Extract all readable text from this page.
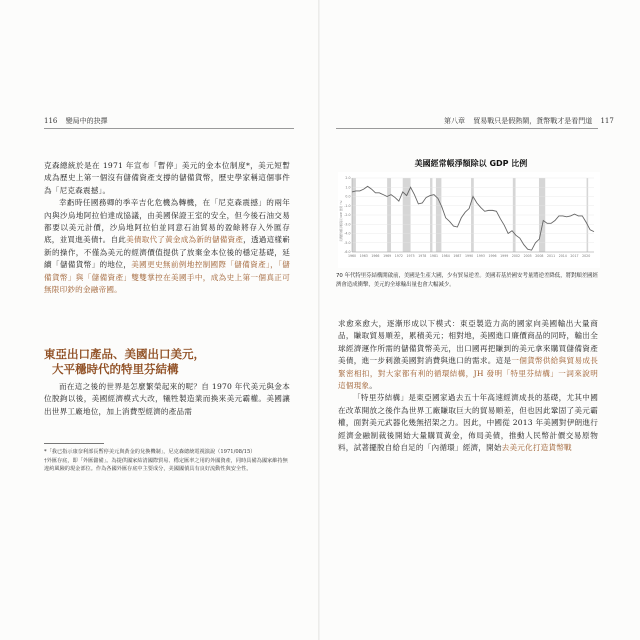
116 變局中的抉擇

克森總統於是在 1971 年宣布「暫停」美元的金本位制度*，美元短暫成為歷史上第一個沒有儲備資產支撐的儲備貨幣，歷史學家稱這個事件為「尼克森震撼」。

幸虧時任國務卿的季辛吉化危機為轉機，在「尼克森震撼」的兩年內與沙烏地阿拉伯達成協議，由美國保證王室的安全，但今後石油交易都要以美元計價，沙烏地阿拉伯並同意石油貿易的盈餘將存入外匯存底，並買進美債†。自此美債取代了黃金成為新的儲備資產，透過這樣嶄新的操作，不僅為美元的經濟價值提供了放棄金本位後的穩定基礎，延續「儲備貨幣」的地位，美國更史無前例地控制國際「儲備資產」，「儲備貨幣」與「儲備資產」雙雙掌控在美國手中，成為史上第一個真正可無限印鈔的金融帝國。

東亞出口產品、美國出口美元，
大平穩時代的特里芬結構

而在這之後的世界是怎麼繁榮起來的呢？自 1970 年代美元與金本位脫鉤以後，美國經濟模式大改，犧牲製造業而換來美元霸權。美國讓出世界工廠地位，加上消費型經濟的產品需

*「我已指示康奈利部長暫停美元與黃金的兌換機制」，尼克森總統電視演說（1971/08/15）
†外匯存底，即「外匯儲備」。為提供國家結清國際貿易、穩定匯率之用的外國資產，同時具備為國家維持無違約風險的現金部位。作為各國外匯存底中主要成分，美國國債具有良好流動性與安全性。
第八章 貿易戰只是假熱鬧，貨幣戰才是看門道 117
美國經常帳淨額除以 GDP 比例
美國經常帳淨額除以 GDP 比例（%）
2.0
1.0
0.0
-1.0
-2.0
-3.0
-4.0
-5.0
-6.0
1960 1963 1966 1969 1972 1975 1978 1981 1984 1987 1990 1993 1996 1999 2002 2005 2008 2011 2014 2017 2020
70 年代特里芬結構開啟前，美國是生產大國，少有貿易逆差。美國若基於國安考量將逆差降低，將對順差國經濟會造成衝擊，美元的全球輸出量也會大幅減少。

求愈來愈大，逐漸形成以下模式：東亞製造力高的國家向美國輸出大量商品，賺取貿易順差，累積美元；相對地，美國進口廉價商品的同時，輸出全球經濟運作所需的儲備貨幣美元，出口國再把賺到的美元拿來購買儲備資產美債，進一步刺激美國對消費與進口的需求。這是一個貨幣供給與貿易成長緊密相扣，對大家都有利的循環結構，JH 發明「特里芬結構」一詞來說明這個現象。

「特里芬結構」是東亞國家過去五十年高速經濟成長的基礎，尤其中國在改革開放之後作為世界工廠賺取巨大的貿易順差，但也因此鞏固了美元霸權，面對美元武器化幾無招架之力。因此，中國從 2013 年美國對伊朗進行經濟金融制裁後開始大量購買黃金，佈局美債，推動人民幣計價交易原物料，試著擺脫自給自足的「內循環」經濟，開始去美元化打造貨幣戰
